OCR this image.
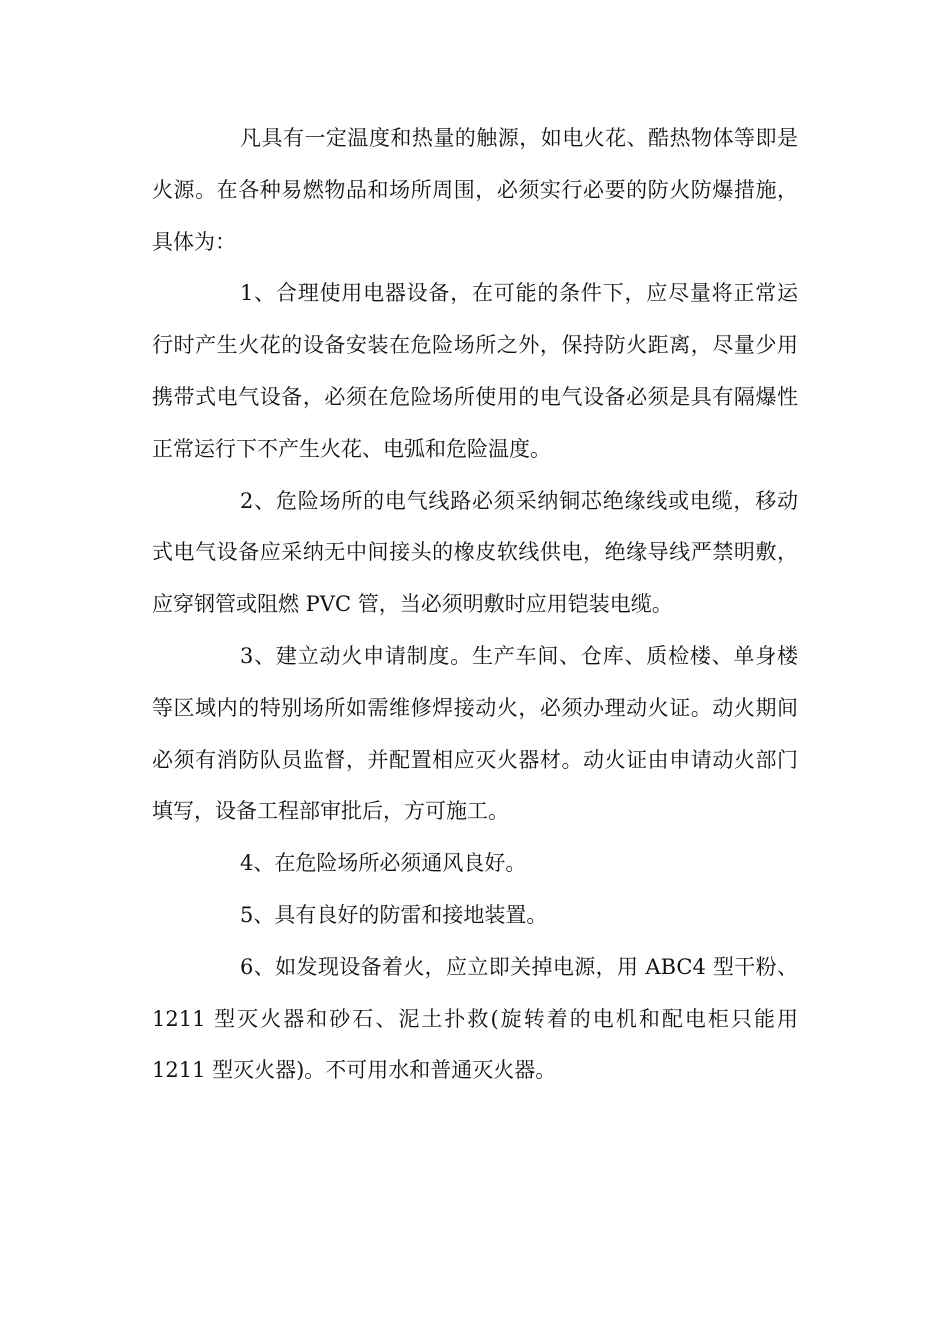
凡具有一定温度和热量的触源，如电火花、酷热物体等即是火源。在各种易燃物品和场所周围，必须实行必要的防火防爆措施，具体为：

1、合理使用电器设备，在可能的条件下，应尽量将正常运行时产生火花的设备安装在危险场所之外，保持防火距离，尽量少用携带式电气设备，必须在危险场所使用的电气设备必须是具有隔爆性正常运行下不产生火花、电弧和危险温度。

2、危险场所的电气线路必须采纳铜芯绝缘线或电缆，移动式电气设备应采纳无中间接头的橡皮软线供电，绝缘导线严禁明敷，应穿钢管或阻燃 PVC 管，当必须明敷时应用铠装电缆。

3、建立动火申请制度。生产车间、仓库、质检楼、单身楼等区域内的特别场所如需维修焊接动火，必须办理动火证。动火期间必须有消防队员监督，并配置相应灭火器材。动火证由申请动火部门填写，设备工程部审批后，方可施工。

4、在危险场所必须通风良好。

5、具有良好的防雷和接地装置。

6、如发现设备着火，应立即关掉电源，用 ABC4 型干粉、1211 型灭火器和砂石、泥土扑救(旋转着的电机和配电柜只能用 1211 型灭火器)。不可用水和普通灭火器。
